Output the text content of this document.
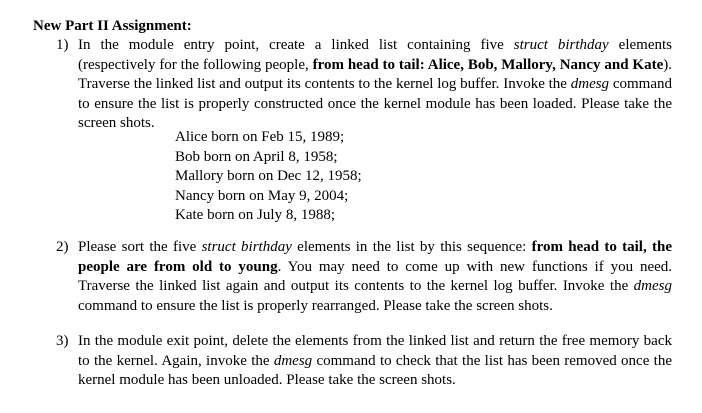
New Part II Assignment:
1) In the module entry point, create a linked list containing five struct birthday elements (respectively for the following people, from head to tail: Alice, Bob, Mallory, Nancy and Kate). Traverse the linked list and output its contents to the kernel log buffer. Invoke the dmesg command to ensure the list is properly constructed once the kernel module has been loaded. Please take the screen shots.
Alice born on Feb 15, 1989;
Bob born on April 8, 1958;
Mallory born on Dec 12, 1958;
Nancy born on May 9, 2004;
Kate born on July 8, 1988;
2) Please sort the five struct birthday elements in the list by this sequence: from head to tail, the people are from old to young. You may need to come up with new functions if you need. Traverse the linked list again and output its contents to the kernel log buffer. Invoke the dmesg command to ensure the list is properly rearranged. Please take the screen shots.
3) In the module exit point, delete the elements from the linked list and return the free memory back to the kernel. Again, invoke the dmesg command to check that the list has been removed once the kernel module has been unloaded. Please take the screen shots.
